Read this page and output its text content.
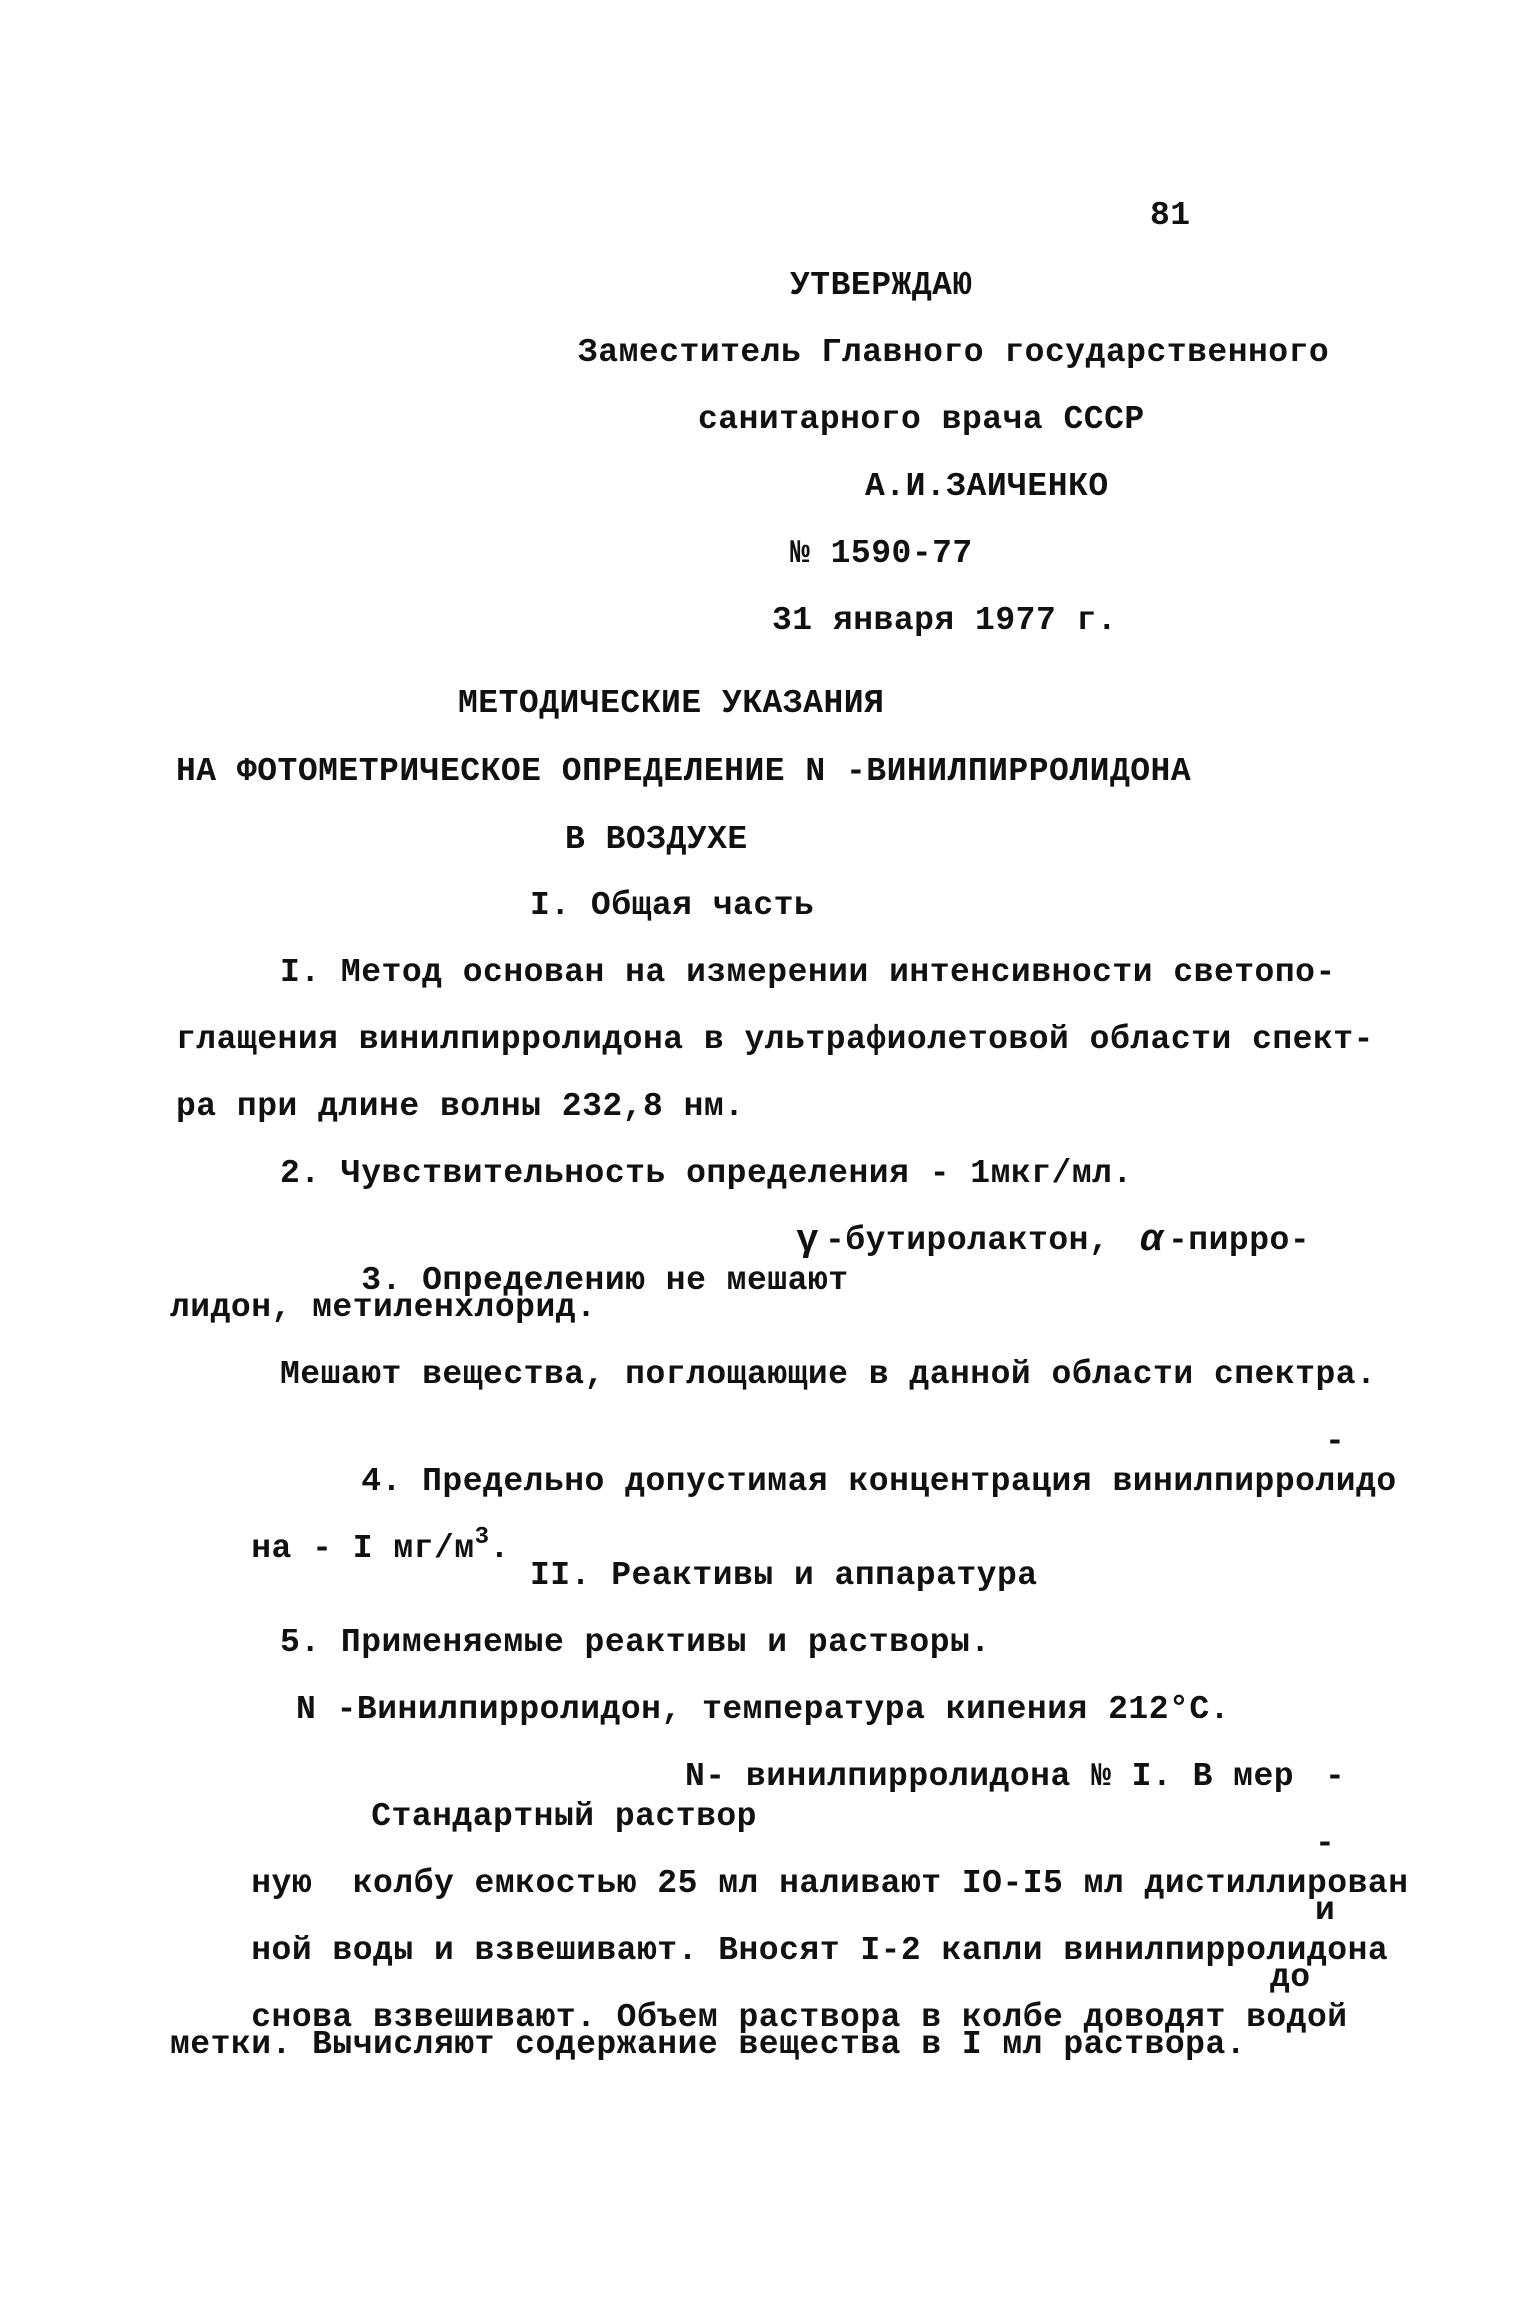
81
УТВЕРЖДАЮ
Заместитель Главного государственного
санитарного врача СССР
А.И.ЗАИЧЕНКО
№ 1590-77
31 января 1977 г.
МЕТОДИЧЕСКИЕ УКАЗАНИЯ
НА ФОТОМЕТРИЧЕСКОЕ ОПРЕДЕЛЕНИЕ N -ВИНИЛПИРРОЛИДОНА
В ВОЗДУХЕ
I. Общая часть
I. Метод основан на измерении интенсивности светопо-
глащения винилпирролидона в ультрафиолетовой области спект-
ра при длине волны 232,8 нм.
2. Чувствительность определения - 1мкг/мл.

3. Определению не мешают

γ

-бутиролактон,

α

-пирро-

лидон, метиленхлорид.
Мешают вещества, поглощающие в данной области спектра.

4. Предельно допустимая концентрация винилпирролидо

-

на - I $мг/м^3$.

II. Реактивы и аппаратура
5. Применяемые реактивы и растворы.
N -Винилпирролидон, температура кипения 212°С.

Стандартный раствор

N- винилпирролидона № I. В мер

-

ную  колбу емкостью 25 мл наливают IO-I5 мл дистиллирован

-

ной воды и взвешивают. Вносят I-2 капли винилпирролидона

и

снова взвешивают. Объем раствора в колбе доводят водой

до

метки. Вычисляют содержание вещества в I мл раствора.
